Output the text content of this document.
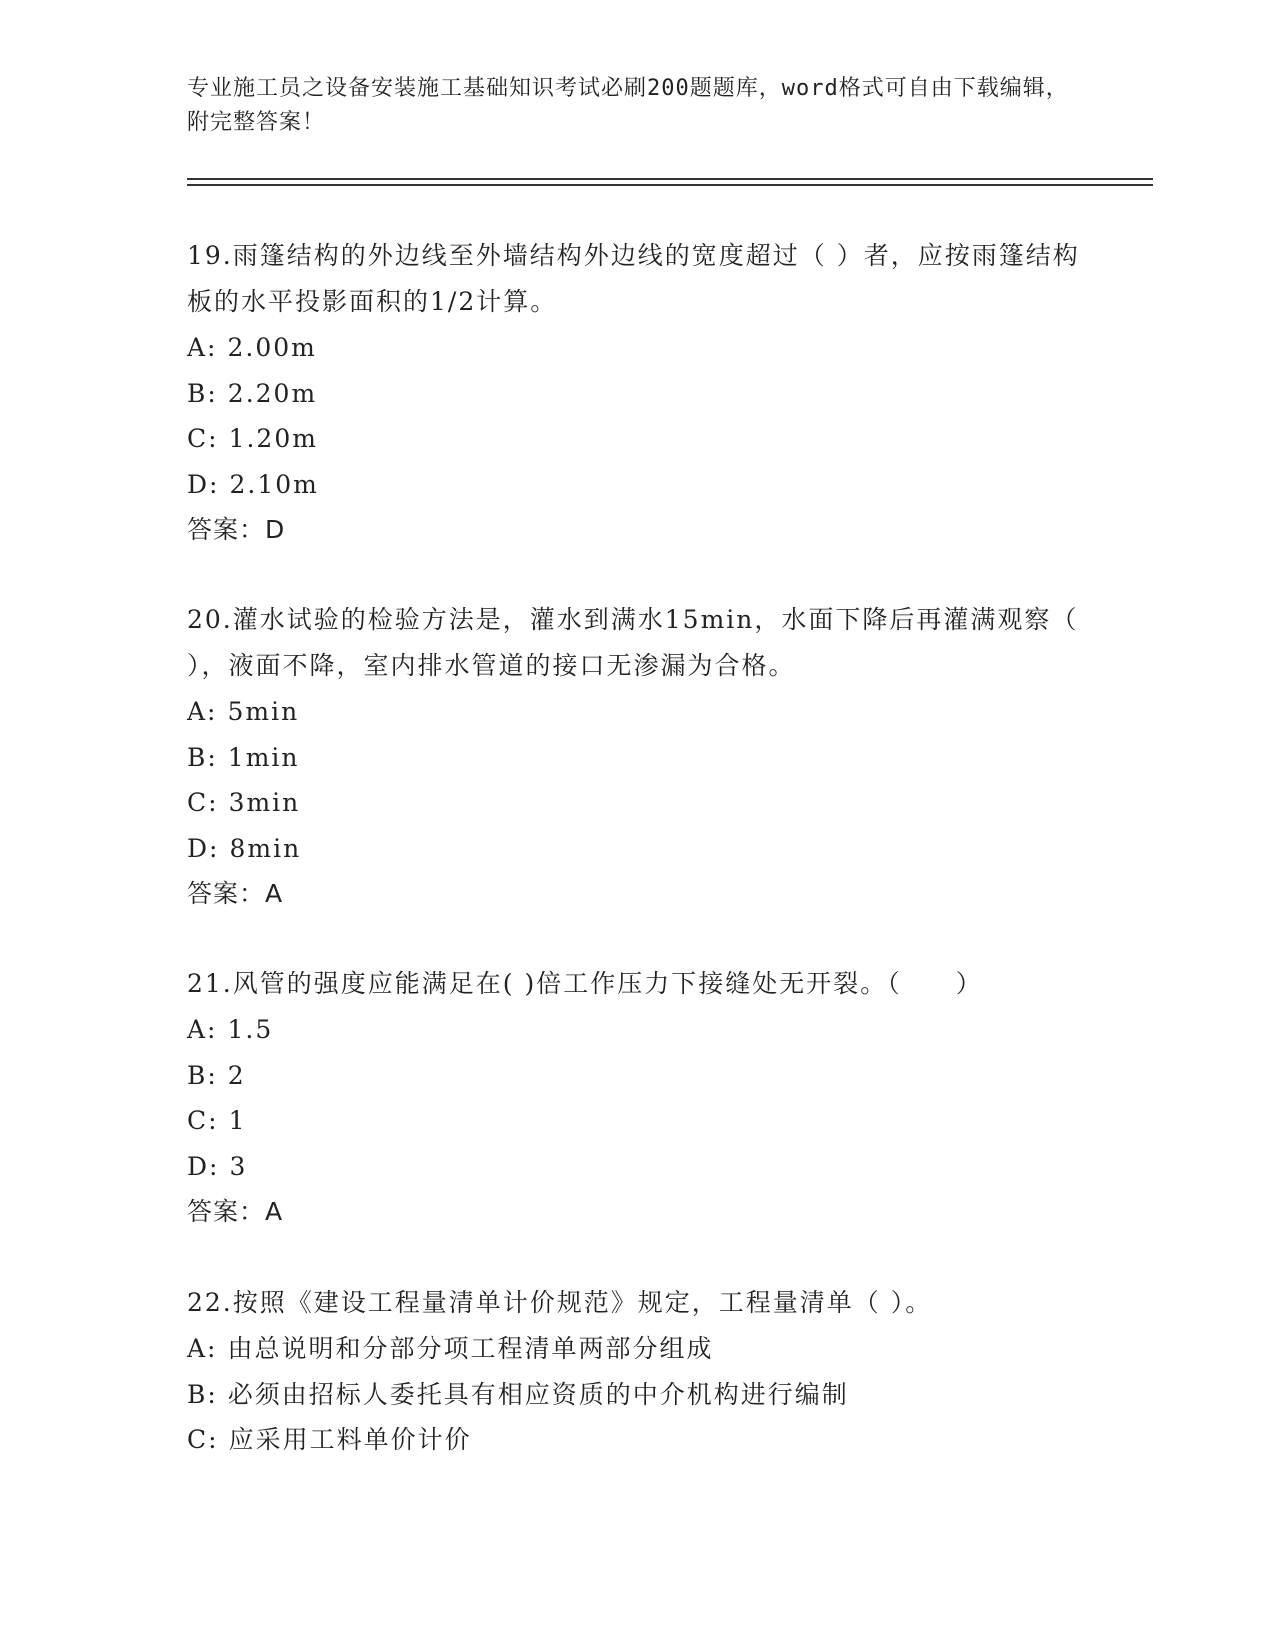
专业施工员之设备安装施工基础知识考试必刷200题题库，word格式可自由下载编辑，附完整答案！

19.雨篷结构的外边线至外墙结构外边线的宽度超过（ ）者，应按雨篷结构板的水平投影面积的1/2计算。

A: 2.00m

B: 2.20m

C: 1.20m

D: 2.10m

答案：D

20.灌水试验的检验方法是，灌水到满水15min，水面下降后再灌满观察（ ），液面不降，室内排水管道的接口无渗漏为合格。

A: 5min

B: 1min

C: 3min

D: 8min

答案：A

21.风管的强度应能满足在( )倍工作压力下接缝处无开裂。（　　）

A: 1.5

B: 2

C: 1

D: 3

答案：A

22.按照《建设工程量清单计价规范》规定，工程量清单（ ）。

A: 由总说明和分部分项工程清单两部分组成

B: 必须由招标人委托具有相应资质的中介机构进行编制

C: 应采用工料单价计价
